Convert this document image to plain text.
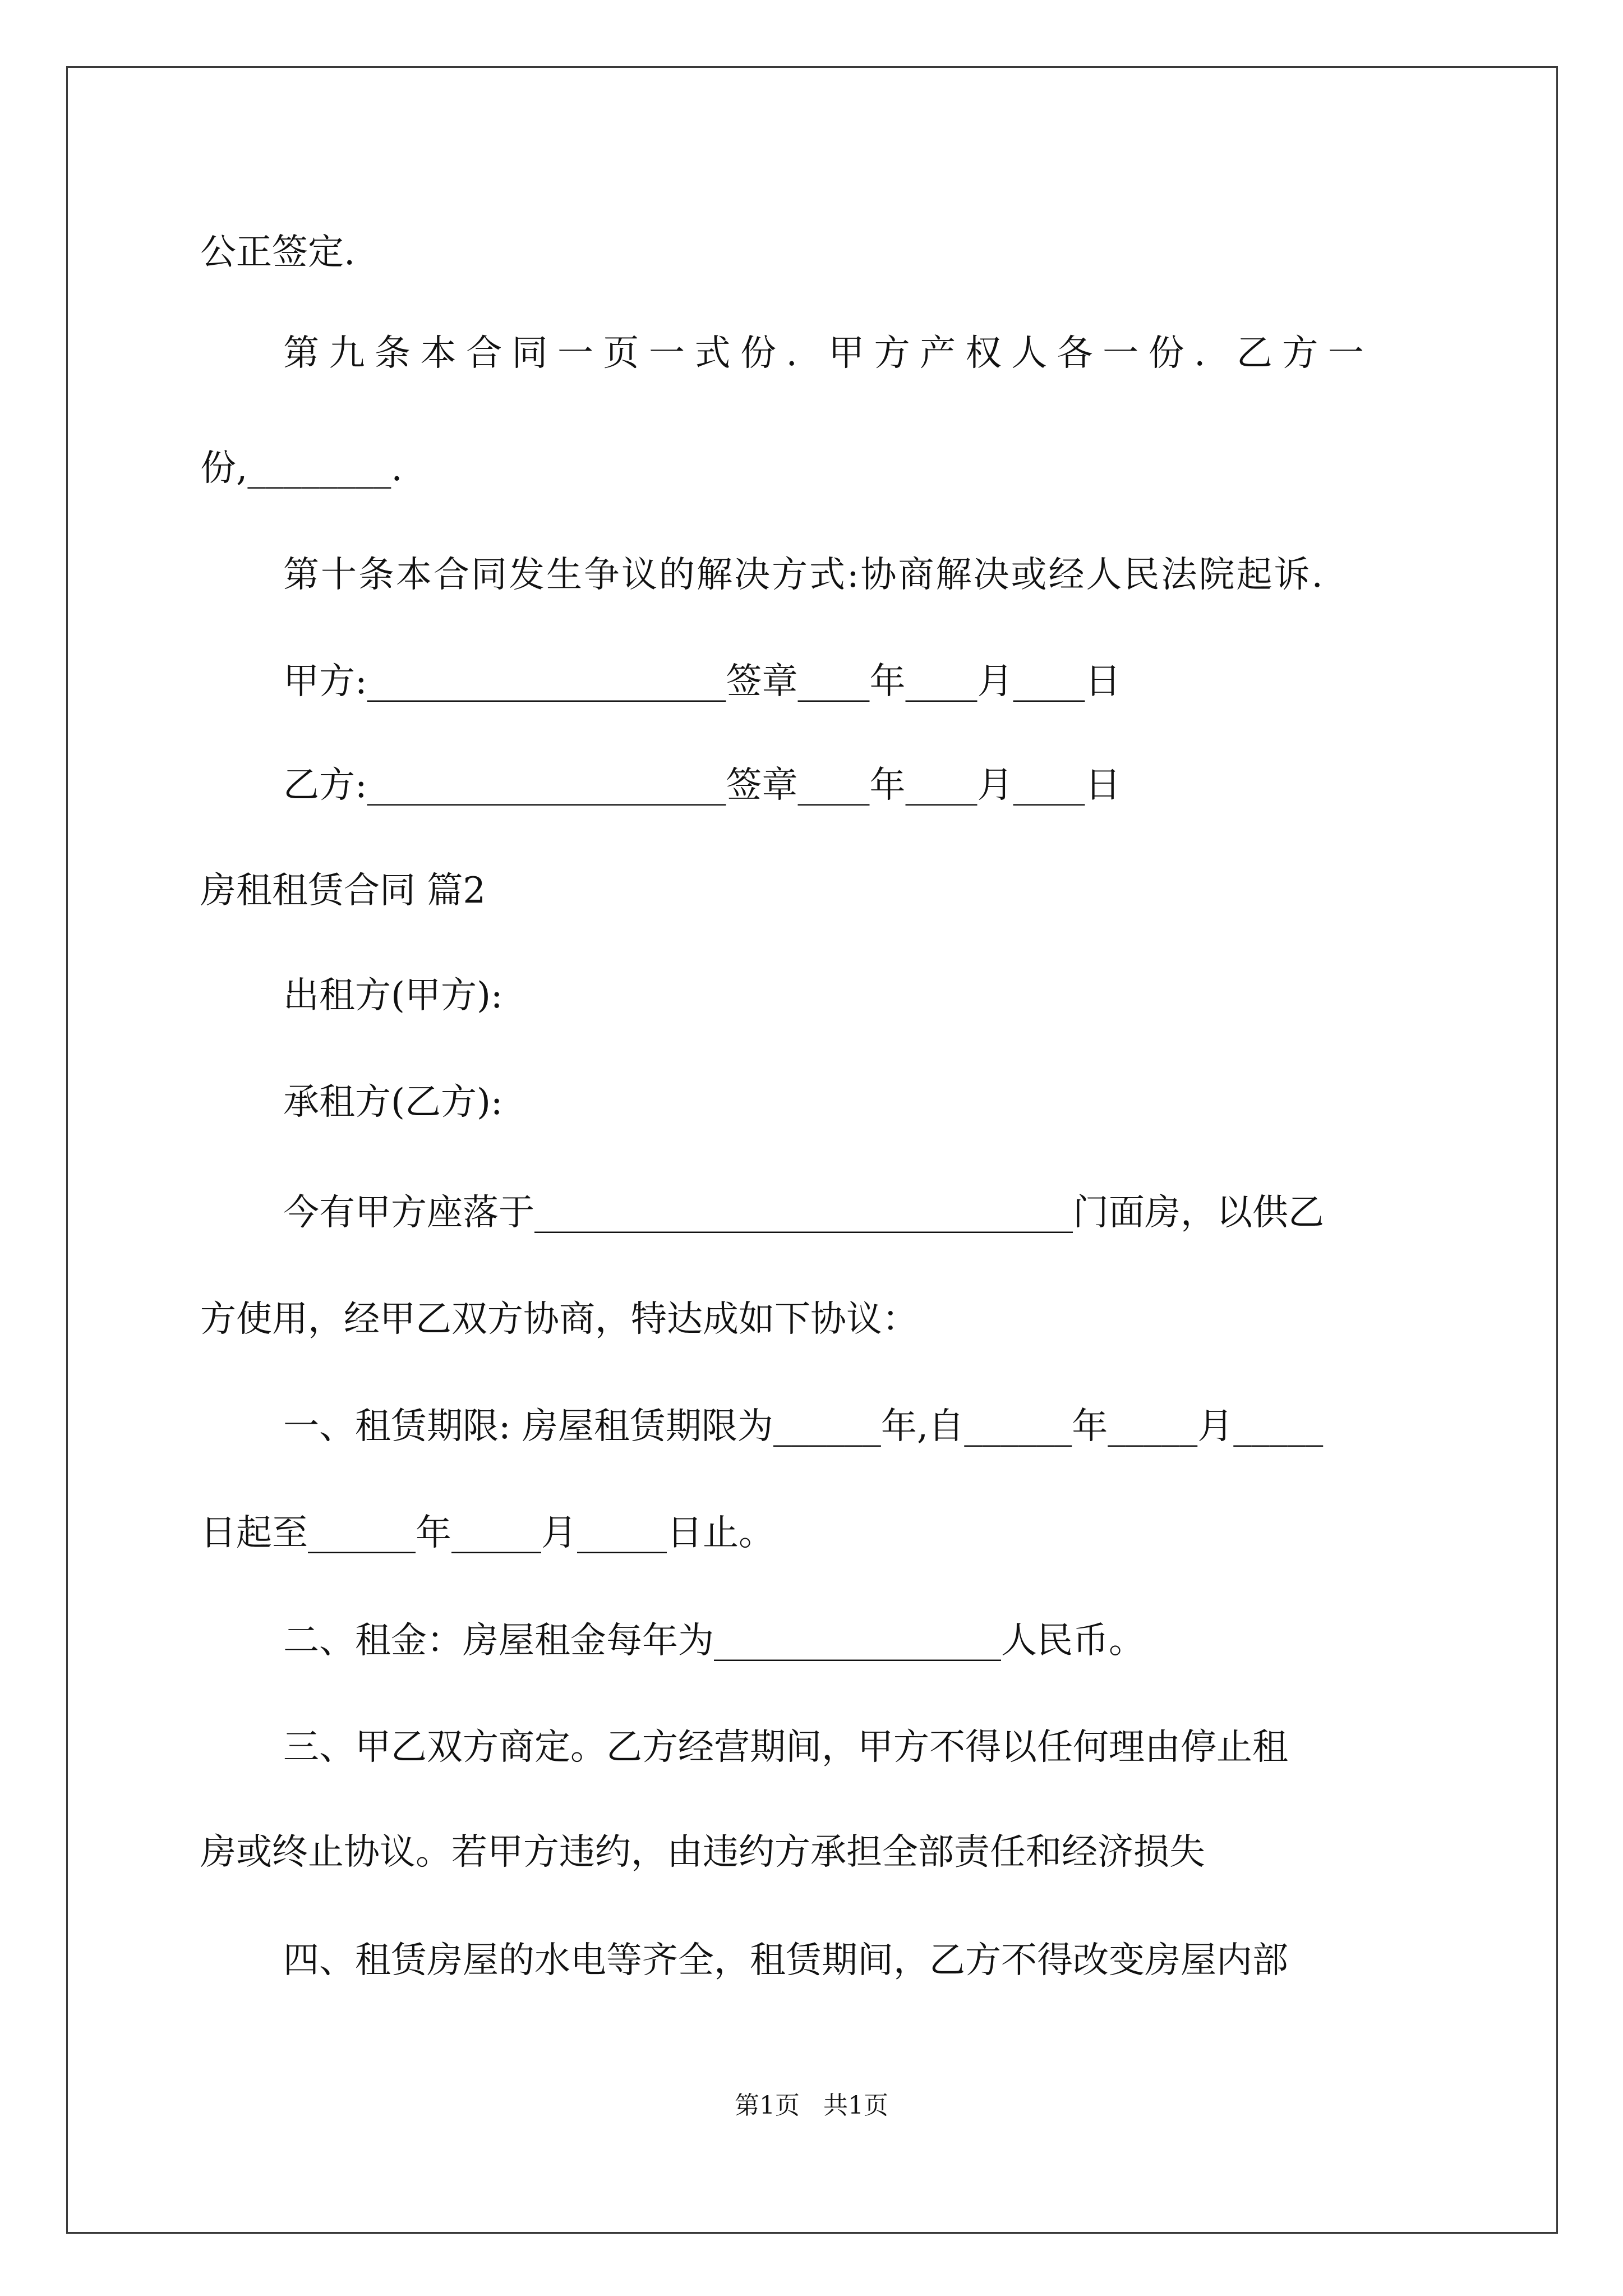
公正签定.
第九条本合同一页一式份. 甲方产权人各一份. 乙方一
份,________.
第十条本合同发生争议的解决方式:协商解决或经人民法院起诉.
甲方:____________________签章____年____月____日
乙方:____________________签章____年____月____日
房租租赁合同 篇2
出租方(甲方):
承租方(乙方):
今有甲方座落于______________________________门面房，以供乙
方使用，经甲乙双方协商，特达成如下协议：
一、租赁期限: 房屋租赁期限为______年,自______年_____月_____
日起至______年_____月_____日止。
二、租金：房屋租金每年为________________人民币。
三、甲乙双方商定。乙方经营期间，甲方不得以任何理由停止租
房或终止协议。若甲方违约，由违约方承担全部责任和经济损失
四、租赁房屋的水电等齐全，租赁期间，乙方不得改变房屋内部
第1页   共1页
